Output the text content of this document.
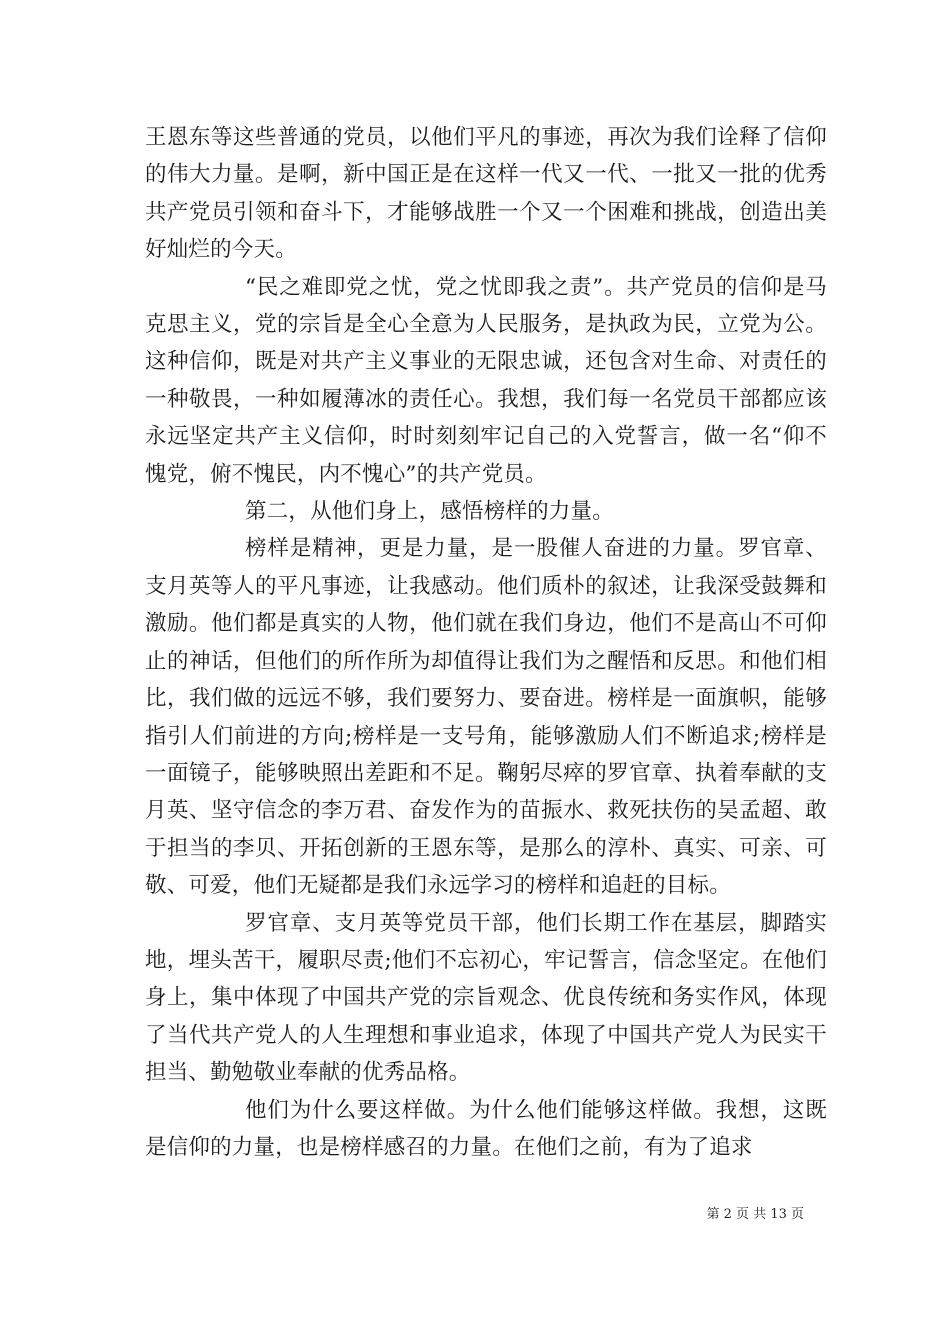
王恩东等这些普通的党员，以他们平凡的事迹，再次为我们诠释了信仰的伟大力量。是啊，新中国正是在这样一代又一代、一批又一批的优秀共产党员引领和奋斗下，才能够战胜一个又一个困难和挑战，创造出美好灿烂的今天。

“民之难即党之忧，党之忧即我之责”。共产党员的信仰是马克思主义，党的宗旨是全心全意为人民服务，是执政为民，立党为公。这种信仰，既是对共产主义事业的无限忠诚，还包含对生命、对责任的一种敬畏，一种如履薄冰的责任心。我想，我们每一名党员干部都应该永远坚定共产主义信仰，时时刻刻牢记自己的入党誓言，做一名“仰不愧党，俯不愧民，内不愧心”的共产党员。

第二，从他们身上，感悟榜样的力量。

榜样是精神，更是力量，是一股催人奋进的力量。罗官章、支月英等人的平凡事迹，让我感动。他们质朴的叙述，让我深受鼓舞和激励。他们都是真实的人物，他们就在我们身边，他们不是高山不可仰止的神话，但他们的所作所为却值得让我们为之醒悟和反思。和他们相比，我们做的远远不够，我们要努力、要奋进。榜样是一面旗帜，能够指引人们前进的方向;榜样是一支号角，能够激励人们不断追求;榜样是一面镜子，能够映照出差距和不足。鞠躬尽瘁的罗官章、执着奉献的支月英、坚守信念的李万君、奋发作为的苗振水、救死扶伤的吴孟超、敢于担当的李贝、开拓创新的王恩东等，是那么的淳朴、真实、可亲、可敬、可爱，他们无疑都是我们永远学习的榜样和追赶的目标。

罗官章、支月英等党员干部，他们长期工作在基层，脚踏实地，埋头苦干，履职尽责;他们不忘初心，牢记誓言，信念坚定。在他们身上，集中体现了中国共产党的宗旨观念、优良传统和务实作风，体现了当代共产党人的人生理想和事业追求，体现了中国共产党人为民实干担当、勤勉敬业奉献的优秀品格。

他们为什么要这样做。为什么他们能够这样做。我想，这既是信仰的力量，也是榜样感召的力量。在他们之前，有为了追求

第 2 页 共 13 页
